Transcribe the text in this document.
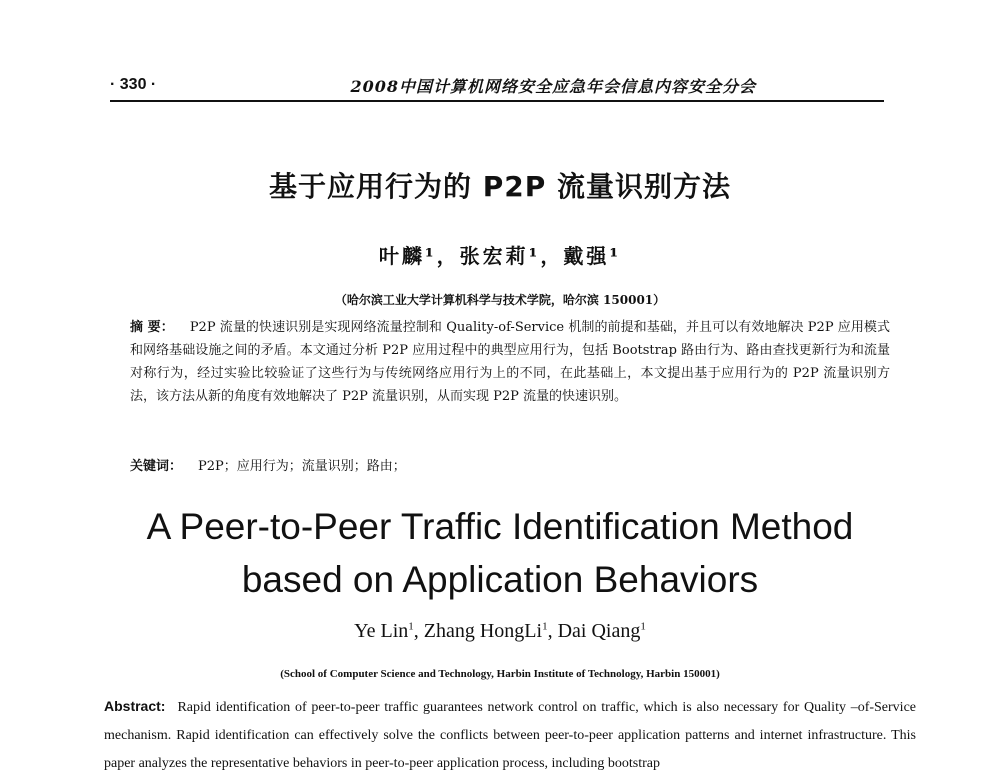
· 330 ·	2008中国计算机网络安全应急年会信息内容安全分会
基于应用行为的 P2P 流量识别方法
叶麟¹，张宏莉¹，戴强¹
（哈尔滨工业大学计算机科学与技术学院，哈尔滨 150001）
摘 要： P2P 流量的快速识别是实现网络流量控制和 Quality-of-Service 机制的前提和基础，并且可以有效地解决 P2P 应用模式和网络基础设施之间的矛盾。本文通过分析 P2P 应用过程中的典型应用行为，包括 Bootstrap 路由行为、路由查找更新行为和流量对称行为，经过实验比较验证了这些行为与传统网络应用行为上的不同，在此基础上，本文提出基于应用行为的 P2P 流量识别方法，该方法从新的角度有效地解决了 P2P 流量识别，从而实现 P2P 流量的快速识别。
关键词： P2P；应用行为；流量识别；路由；
A Peer-to-Peer Traffic Identification Method
based on Application Behaviors
Ye Lin$^1$, Zhang HongLi$^1$, Dai Qiang$^1$
(School of Computer Science and Technology, Harbin Institute of Technology, Harbin 150001)
Abstract: Rapid identification of peer-to-peer traffic guarantees network control on traffic, which is also necessary for Quality –of-Service mechanism. Rapid identification can effectively solve the conflicts between peer-to-peer application patterns and internet infrastructure. This paper analyzes the representative behaviors in peer-to-peer application process, including bootstrap
